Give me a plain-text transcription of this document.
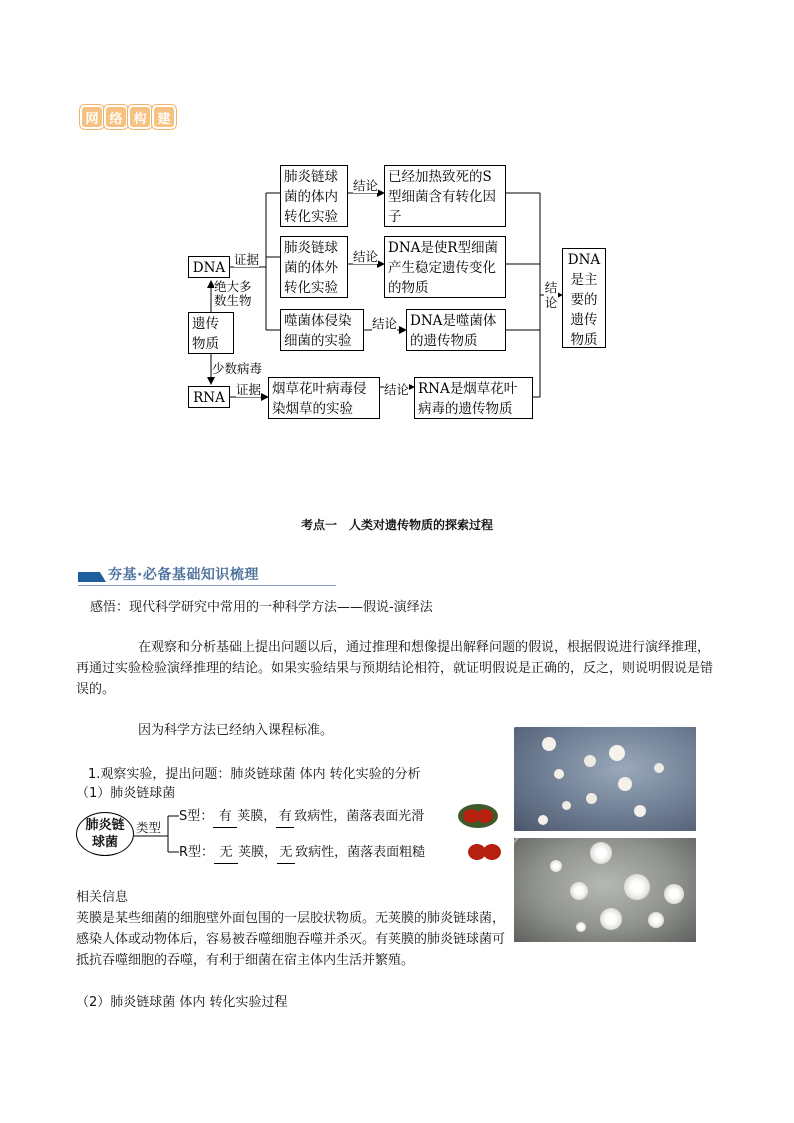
网 络 构 建
DNA
遗传物质
RNA
肺炎链球菌的体内转化实验
肺炎链球菌的体外转化实验
噬菌体侵染细菌的实验
烟草花叶病毒侵染烟草的实验
已经加热致死的S型细菌含有转化因子
DNA是使R型细菌产生稳定遗传变化的物质
DNA是噬菌体的遗传物质
RNA是烟草花叶病毒的遗传物质
DNA是主要的遗传物质
证据
证据
绝大多数生物
少数病毒
结论
结论
结论
结论
结论
考点一　人类对遗传物质的探索过程
夯基·必备基础知识梳理
感悟：现代科学研究中常用的一种科学方法——假说-演绎法
在观察和分析基础上提出问题以后，通过推理和想像提出解释问题的假说，根据假说进行演绎推理，再通过实验检验演绎推理的结论。如果实验结果与预期结论相符，就证明假说是正确的，反之，则说明假说是错误的。
因为科学方法已经纳入课程标准。
1.观察实验，提出问题：肺炎链球菌 体内 转化实验的分析
（1）肺炎链球菌
肺炎链球菌
类型
S型： 有 荚膜， 有 致病性，菌落表面光滑
R型： 无 荚膜， 无 致病性，菌落表面粗糙
相关信息
荚膜是某些细菌的细胞壁外面包围的一层胶状物质。无荚膜的肺炎链球菌，感染人体或动物体后，容易被吞噬细胞吞噬并杀灭。有荚膜的肺炎链球菌可抵抗吞噬细胞的吞噬，有利于细菌在宿主体内生活并繁殖。
（2）肺炎链球菌 体内 转化实验过程
